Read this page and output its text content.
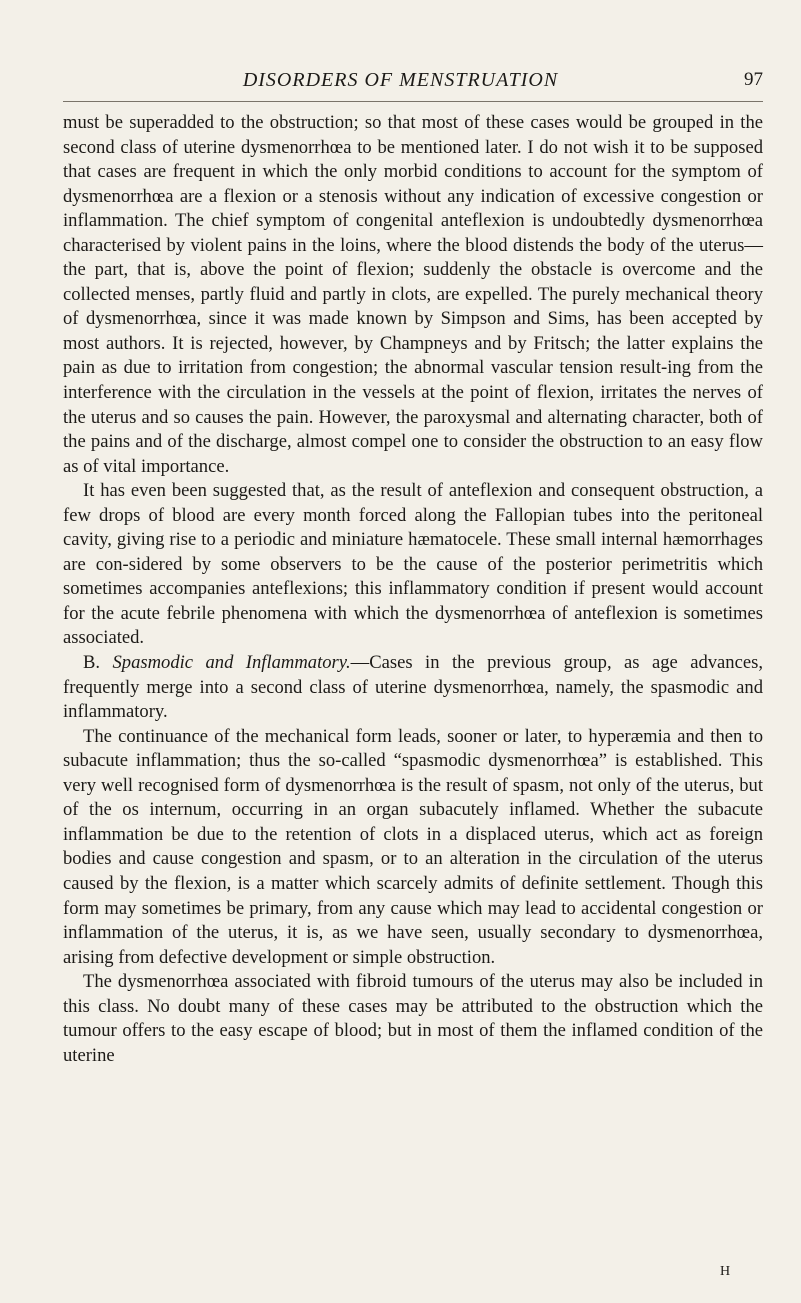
DISORDERS OF MENSTRUATION	97

must be superadded to the obstruction; so that most of these cases would be grouped in the second class of uterine dysmenorrhœa to be mentioned later. I do not wish it to be supposed that cases are frequent in which the only morbid conditions to account for the symptom of dysmenorrhœa are a flexion or a stenosis without any indication of excessive congestion or inflammation. The chief symptom of congenital anteflexion is undoubtedly dysmenorrhœa characterised by violent pains in the loins, where the blood distends the body of the uterus—the part, that is, above the point of flexion; suddenly the obstacle is overcome and the collected menses, partly fluid and partly in clots, are expelled. The purely mechanical theory of dysmenorrhœa, since it was made known by Simpson and Sims, has been accepted by most authors. It is rejected, however, by Champneys and by Fritsch; the latter explains the pain as due to irritation from congestion; the abnormal vascular tension result-ing from the interference with the circulation in the vessels at the point of flexion, irritates the nerves of the uterus and so causes the pain. However, the paroxysmal and alternating character, both of the pains and of the discharge, almost compel one to consider the obstruction to an easy flow as of vital importance.

It has even been suggested that, as the result of anteflexion and consequent obstruction, a few drops of blood are every month forced along the Fallopian tubes into the peritoneal cavity, giving rise to a periodic and miniature hæmatocele. These small internal hæmorrhages are con-sidered by some observers to be the cause of the posterior perimetritis which sometimes accompanies anteflexions; this inflammatory condition if present would account for the acute febrile phenomena with which the dysmenorrhœa of anteflexion is sometimes associated.

B. Spasmodic and Inflammatory.—Cases in the previous group, as age advances, frequently merge into a second class of uterine dysmenorrhœa, namely, the spasmodic and inflammatory.

The continuance of the mechanical form leads, sooner or later, to hyperæmia and then to subacute inflammation; thus the so-called “spasmodic dysmenorrhœa” is established. This very well recognised form of dysmenorrhœa is the result of spasm, not only of the uterus, but of the os internum, occurring in an organ subacutely inflamed. Whether the subacute inflammation be due to the retention of clots in a displaced uterus, which act as foreign bodies and cause congestion and spasm, or to an alteration in the circulation of the uterus caused by the flexion, is a matter which scarcely admits of definite settlement. Though this form may sometimes be primary, from any cause which may lead to accidental congestion or inflammation of the uterus, it is, as we have seen, usually secondary to dysmenorrhœa, arising from defective development or simple obstruction.

The dysmenorrhœa associated with fibroid tumours of the uterus may also be included in this class. No doubt many of these cases may be attributed to the obstruction which the tumour offers to the easy escape of blood; but in most of them the inflamed condition of the uterine

H
